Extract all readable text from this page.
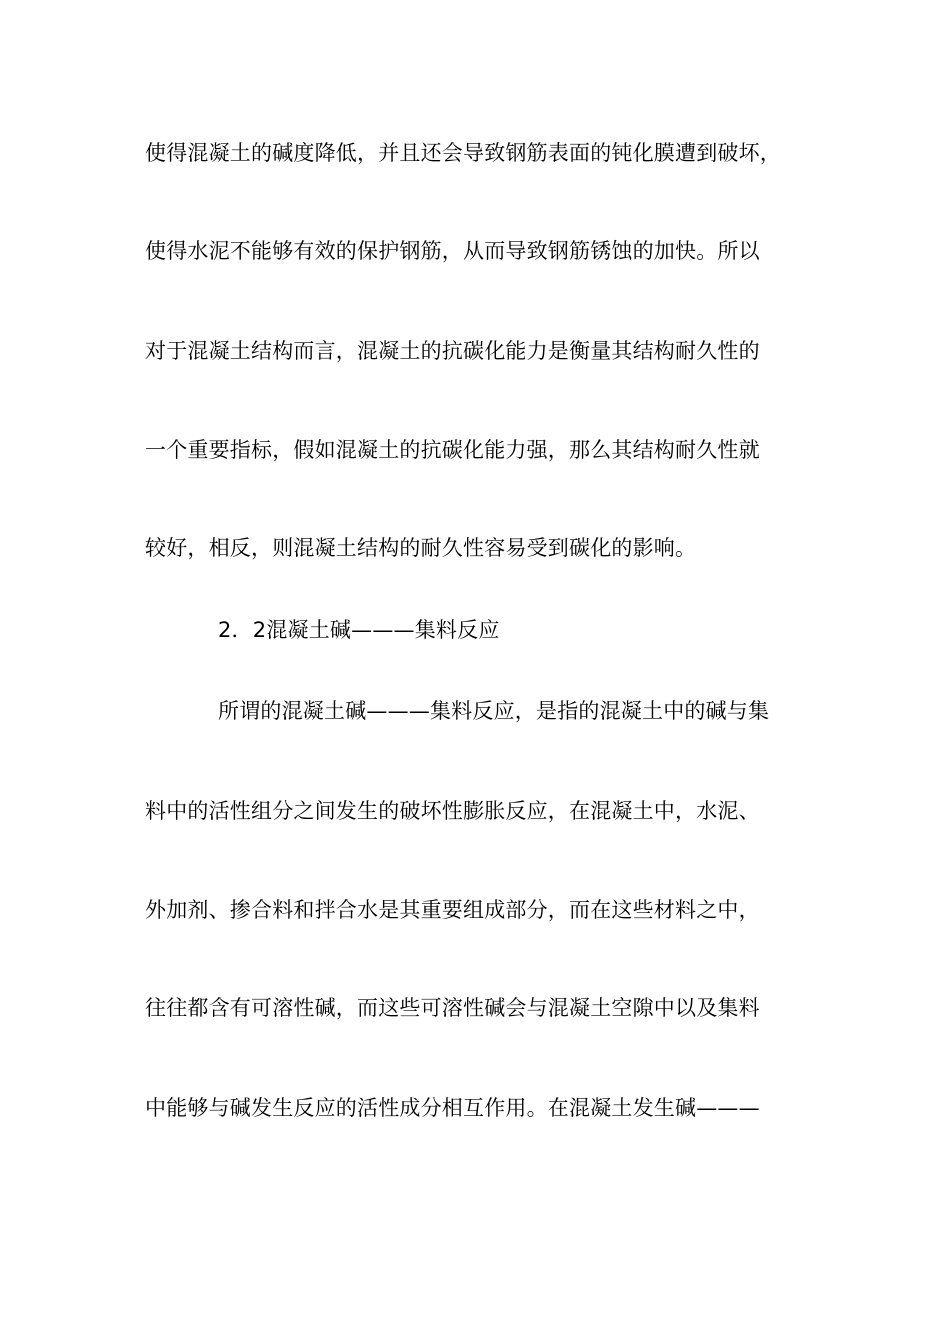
使得混凝土的碱度降低，并且还会导致钢筋表面的钝化膜遭到破坏，
使得水泥不能够有效的保护钢筋，从而导致钢筋锈蚀的加快。所以
对于混凝土结构而言，混凝土的抗碳化能力是衡量其结构耐久性的
一个重要指标，假如混凝土的抗碳化能力强，那么其结构耐久性就
较好，相反，则混凝土结构的耐久性容易受到碳化的影响。
2．2混凝土碱———集料反应
所谓的混凝土碱———集料反应，是指的混凝土中的碱与集
料中的活性组分之间发生的破坏性膨胀反应，在混凝土中，水泥、
外加剂、掺合料和拌合水是其重要组成部分，而在这些材料之中，
往往都含有可溶性碱，而这些可溶性碱会与混凝土空隙中以及集料
中能够与碱发生反应的活性成分相互作用。在混凝土发生碱———
